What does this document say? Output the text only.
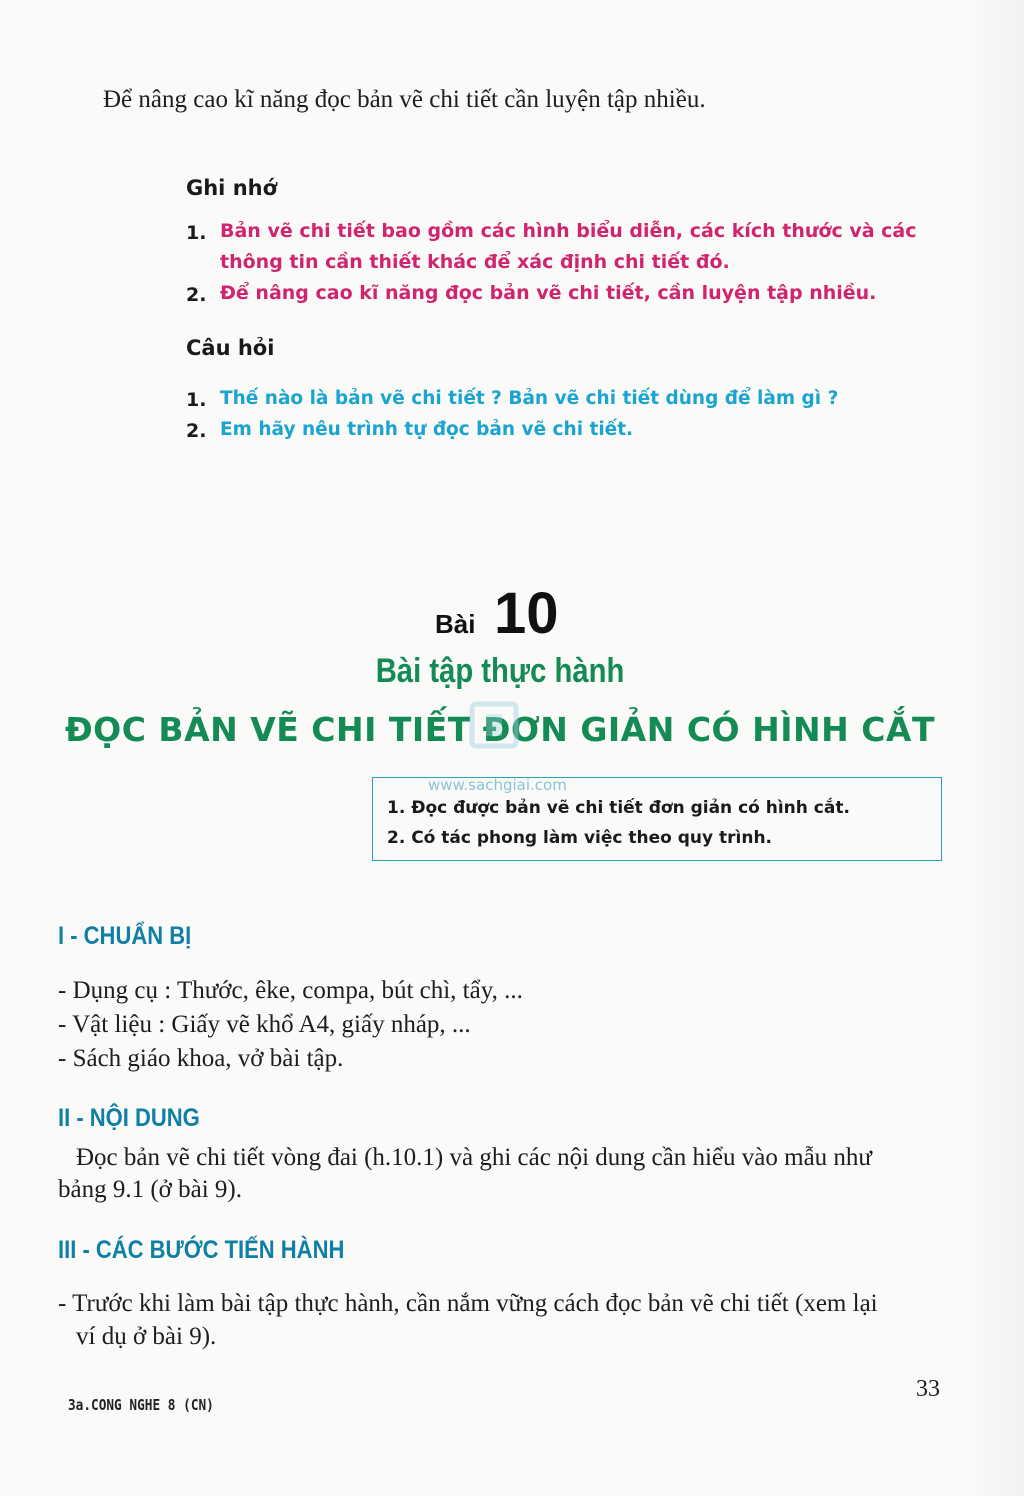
Để nâng cao kĩ năng đọc bản vẽ chi tiết cần luyện tập nhiều.
Ghi nhớ
1. Bản vẽ chi tiết bao gồm các hình biểu diễn, các kích thước và các
thông tin cần thiết khác để xác định chi tiết đó.
2. Để nâng cao kĩ năng đọc bản vẽ chi tiết, cần luyện tập nhiều.
Câu hỏi
1. Thế nào là bản vẽ chi tiết ? Bản vẽ chi tiết dùng để làm gì ?
2. Em hãy nêu trình tự đọc bản vẽ chi tiết.
Bài 10
Bài tập thực hành
ĐỌC BẢN VẼ CHI TIẾT ĐƠN GIẢN CÓ HÌNH CẮT
www.sachgiai.com
1. Đọc được bản vẽ chi tiết đơn giản có hình cắt.
2. Có tác phong làm việc theo quy trình.
I - CHUẨN BỊ
- Dụng cụ : Thước, êke, compa, bút chì, tẩy, ...
- Vật liệu : Giấy vẽ khổ A4, giấy nháp, ...
- Sách giáo khoa, vở bài tập.
II - NỘI DUNG
Đọc bản vẽ chi tiết vòng đai (h.10.1) và ghi các nội dung cần hiểu vào mẫu như
bảng 9.1 (ở bài 9).
III - CÁC BƯỚC TIẾN HÀNH
- Trước khi làm bài tập thực hành, cần nắm vững cách đọc bản vẽ chi tiết (xem lại
ví dụ ở bài 9).
33
3a.CONG NGHE 8 (CN)
